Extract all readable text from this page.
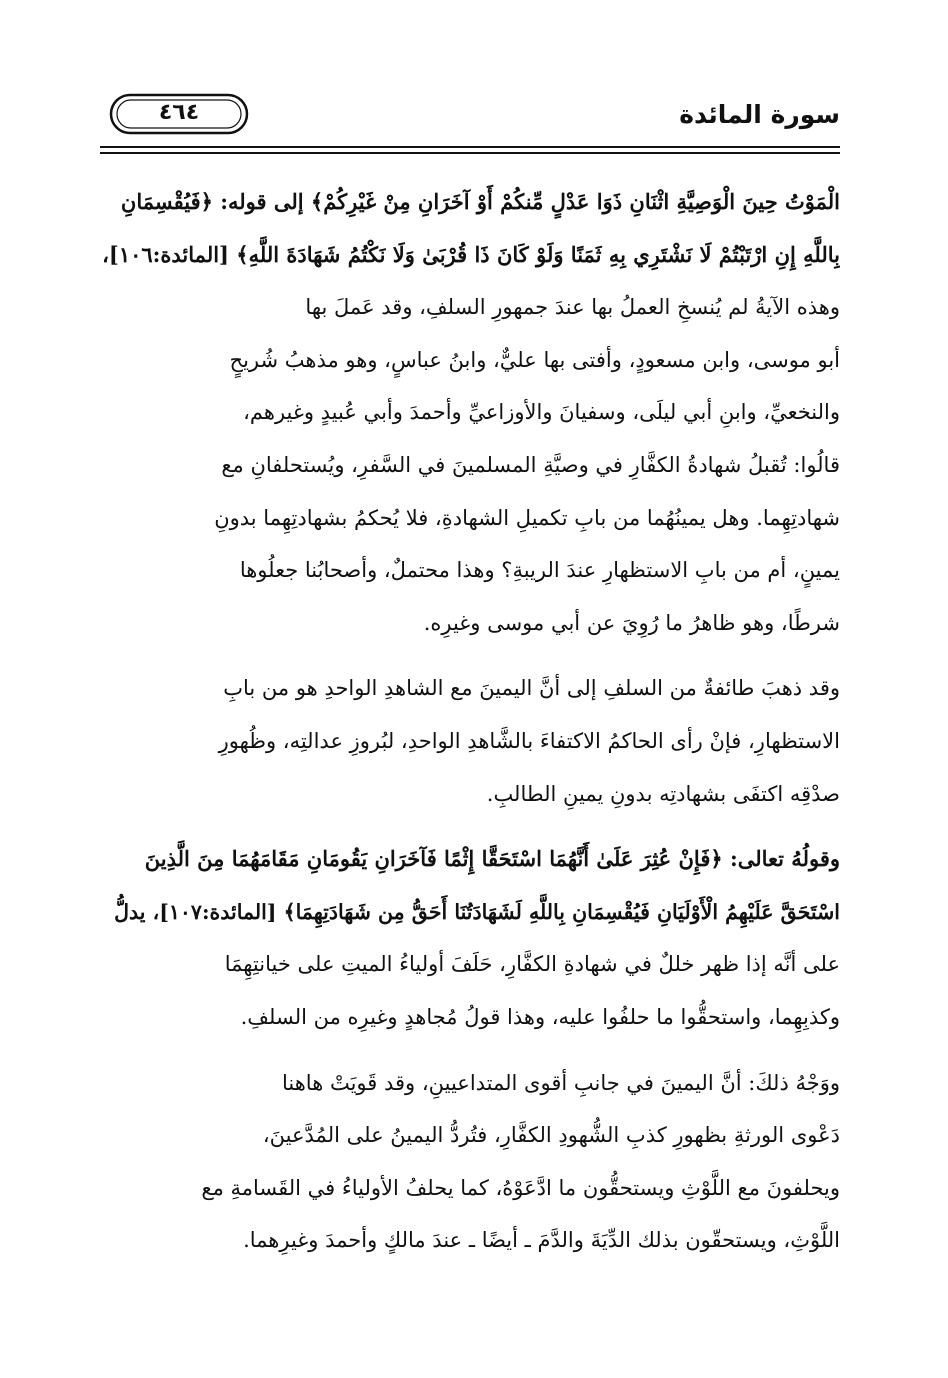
٤٦٤	سورة المائدة
الْمَوْتُ حِينَ الْوَصِيَّةِ اثْنَانِ ذَوَا عَدْلٍ مِّنكُمْ أَوْ آخَرَانِ مِنْ غَيْرِكُمْ﴾ إلى قوله: ﴿فَيُقْسِمَانِ
بِاللَّهِ إِنِ ارْتَبْتُمْ لَا نَشْتَرِي بِهِ ثَمَنًا وَلَوْ كَانَ ذَا قُرْبَىٰ وَلَا نَكْتُمُ شَهَادَةَ اللَّهِ﴾ [المائدة:١٠٦]،
وهذه الآيةُ لم يُنسخِ العملُ بها عندَ جمهورِ السلفِ، وقد عَملَ بها
أبو موسى، وابن مسعودٍ، وأفتى بها عليٌّ، وابنُ عباسٍ، وهو مذهبُ شُريحٍ
والنخعيِّ، وابنِ أبي ليلَى، وسفيانَ والأوزاعيِّ وأحمدَ وأبي عُبيدٍ وغيرهم،
قالُوا: تُقبلُ شهادةُ الكفَّارِ في وصيَّةِ المسلمينَ في السَّفرِ، ويُستحلفانِ مع
شهادتِهِما. وهل يمينُهُما من بابِ تكميلِ الشهادةِ، فلا يُحكمُ بشهادتِهِما بدونِ
يمينٍ، أم من بابِ الاستظهارِ عندَ الريبةِ؟ وهذا محتملٌ، وأصحابُنا جعلُوها
شرطًا، وهو ظاهرُ ما رُوِيَ عن أبي موسى وغيرِه.
وقد ذهبَ طائفةٌ من السلفِ إلى أنَّ اليمينَ مع الشاهدِ الواحدِ هو من بابِ
الاستظهارِ، فإنْ رأى الحاكمُ الاكتفاءَ بالشَّاهدِ الواحدِ، لبُروزِ عدالتِه، وظُهورِ
صدْقِه اكتفَى بشهادتِه بدونِ يمينِ الطالبِ.
وقولُهُ تعالى: ﴿فَإِنْ عُثِرَ عَلَىٰ أَنَّهُمَا اسْتَحَقَّا إِثْمًا فَآخَرَانِ يَقُومَانِ مَقَامَهُمَا مِنَ الَّذِينَ
اسْتَحَقَّ عَلَيْهِمُ الْأَوْلَيَانِ فَيُقْسِمَانِ بِاللَّهِ لَشَهَادَتُنَا أَحَقُّ مِن شَهَادَتِهِمَا﴾ [المائدة:١٠٧]، يدلُّ
على أنَّه إذا ظهر خللٌ في شهادةِ الكفَّارِ، حَلَفَ أولياءُ الميتِ على خيانتِهِمَا
وكذبِهِما، واستحقُّوا ما حلفُوا عليه، وهذا قولُ مُجاهدٍ وغيرِه من السلفِ.
ووَجْهُ ذلكَ: أنَّ اليمينَ في جانبِ أقوى المتداعيينِ، وقد قَويَتْ هاهنا
دَعْوى الورثةِ بظهورِ كذبِ الشُّهودِ الكفَّارِ، فتُردُّ اليمينُ على المُدَّعينَ،
ويحلفونَ مع اللَّوْثِ ويستحقُّون ما ادَّعَوْهُ، كما يحلفُ الأولياءُ في القَسامةِ مع
اللَّوْثِ، ويستحقّون بذلك الدِّيَةَ والدَّمَ ـ أيضًا ـ عندَ مالكٍ وأحمدَ وغيرِهما.
